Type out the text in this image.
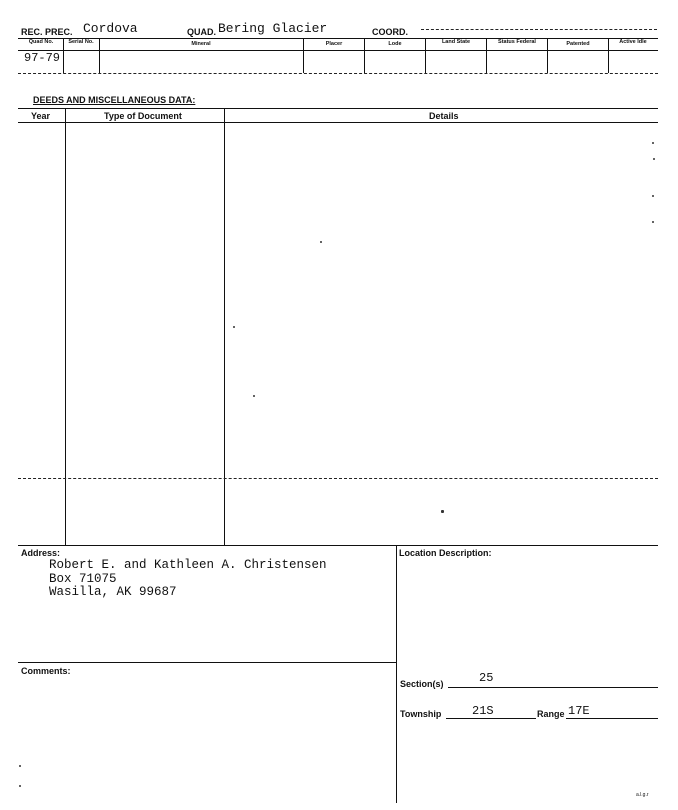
REC. PREC. Cordova	QUAD. Bering Glacier	COORD.
Quad No.	Serial No.	Mineral	Placer	Lode	Land State	Status Federal	Patented	Active Idle
97-79
DEEDS AND MISCELLANEOUS DATA:
Year	Type of Document	Details
Address:
Robert E. and Kathleen A. Christensen
Box 71075
Wasilla, AK 99687
Location Description:
Comments:
Section(s)	25
Township	21S	Range 17E
a.l.g.r
